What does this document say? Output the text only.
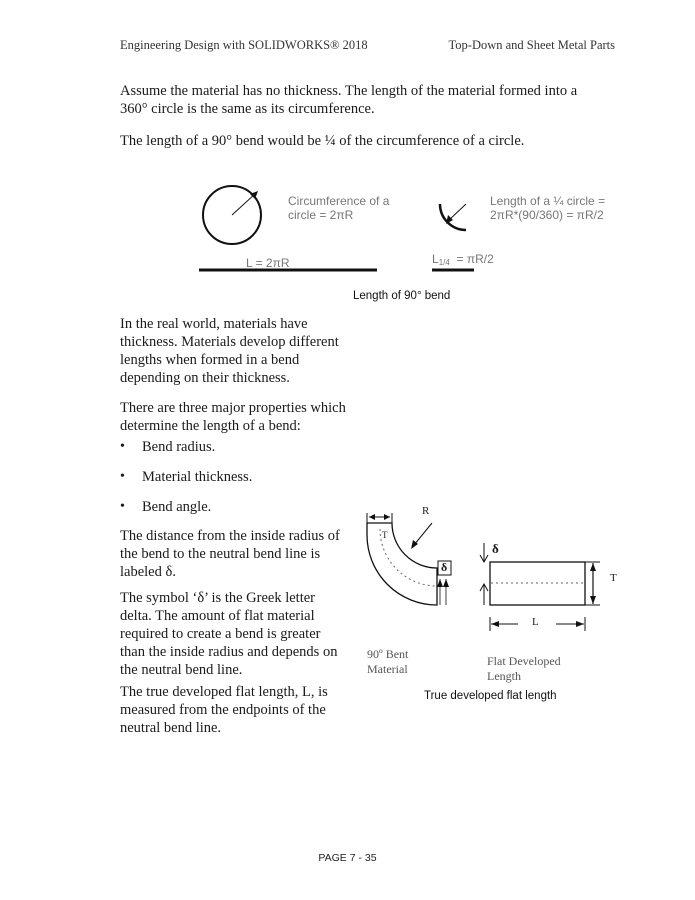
Engineering Design with SOLIDWORKS® 2018	Top-Down and Sheet Metal Parts
Assume the material has no thickness. The length of the material formed into a 360° circle is the same as its circumference.
The length of a 90° bend would be ¼ of the circumference of a circle.
Circumference of a
circle = 2πR
Length of a ¼ circle =
2πR*(90/360) = πR/2
L = 2πR	L1/4 = πR/2
Length of 90° bend
In the real world, materials have thickness. Materials develop different lengths when formed in a bend depending on their thickness.
There are three major properties which determine the length of a bend:
• Bend radius.
• Material thickness.
• Bend angle.
The distance from the inside radius of the bend to the neutral bend line is labeled δ.
The symbol ‘δ’ is the Greek letter delta. The amount of flat material required to create a bend is greater than the inside radius and depends on the neutral bend line.
The true developed flat length, L, is measured from the endpoints of the neutral bend line.
R
T
δ
δ
T
L
90º Bent
Material
Flat Developed
Length
True developed flat length
PAGE 7 - 35
